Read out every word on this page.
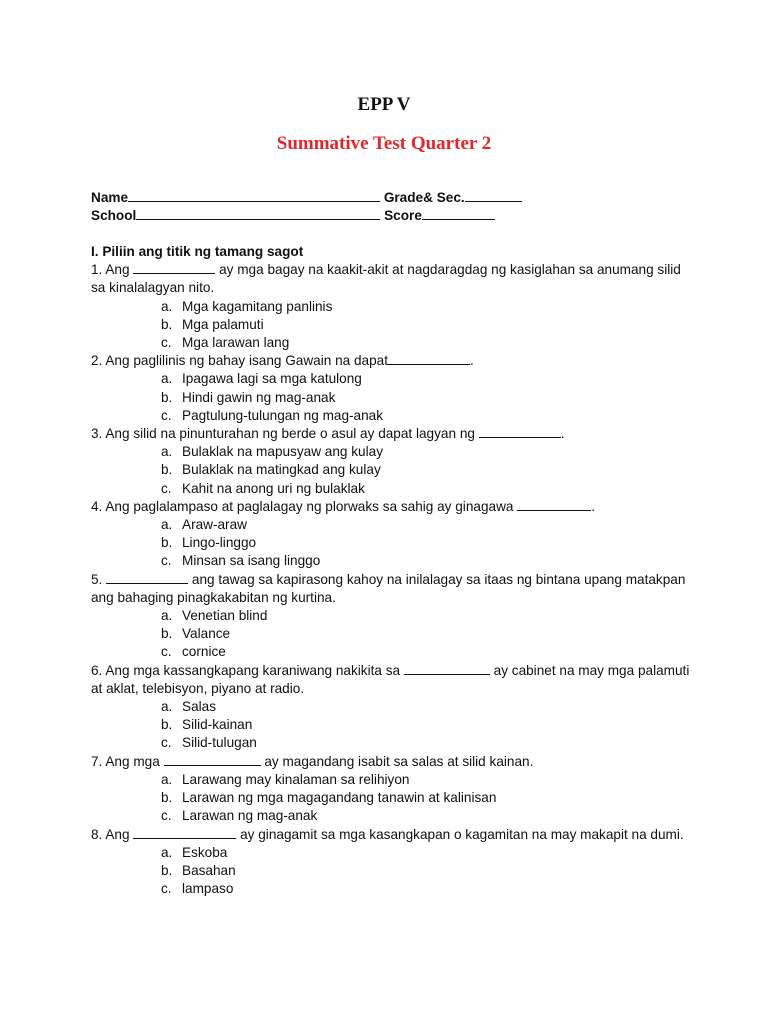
EPP V
Summative Test Quarter 2
Name	Grade& Sec.
School	Score
I. Piliin ang titik ng tamang sagot
1. Ang	ay mga bagay na kaakit-akit at nagdaragdag ng kasiglahan sa anumang silid sa kinalalagyan nito.
a. Mga kagamitang panlinis
b. Mga palamuti
c. Mga larawan lang
2. Ang paglilinis ng bahay isang Gawain na dapat	.
a. Ipagawa lagi sa mga katulong
b. Hindi gawin ng mag-anak
c. Pagtulung-tulungan ng mag-anak
3. Ang silid na pinunturahan ng berde o asul ay dapat lagyan ng	.
a. Bulaklak na mapusyaw ang kulay
b. Bulaklak na matingkad ang kulay
c. Kahit na anong uri ng bulaklak
4. Ang paglalampaso at paglalagay ng plorwaks sa sahig ay ginagawa	.
a. Araw-araw
b. Lingo-linggo
c. Minsan sa isang linggo
5.	ang tawag sa kapirasong kahoy na inilalagay sa itaas ng bintana upang matakpan ang bahaging pinagkakabitan ng kurtina.
a. Venetian blind
b. Valance
c. cornice
6. Ang mga kassangkapang karaniwang nakikita sa	ay cabinet na may mga palamuti at aklat, telebisyon, piyano at radio.
a. Salas
b. Silid-kainan
c. Silid-tulugan
7. Ang mga	ay magandang isabit sa salas at silid kainan.
a. Larawang may kinalaman sa relihiyon
b. Larawan ng mga magagandang tanawin at kalinisan
c. Larawan ng mag-anak
8. Ang	ay ginagamit sa mga kasangkapan o kagamitan na may makapit na dumi.
a. Eskoba
b. Basahan
c. lampaso
